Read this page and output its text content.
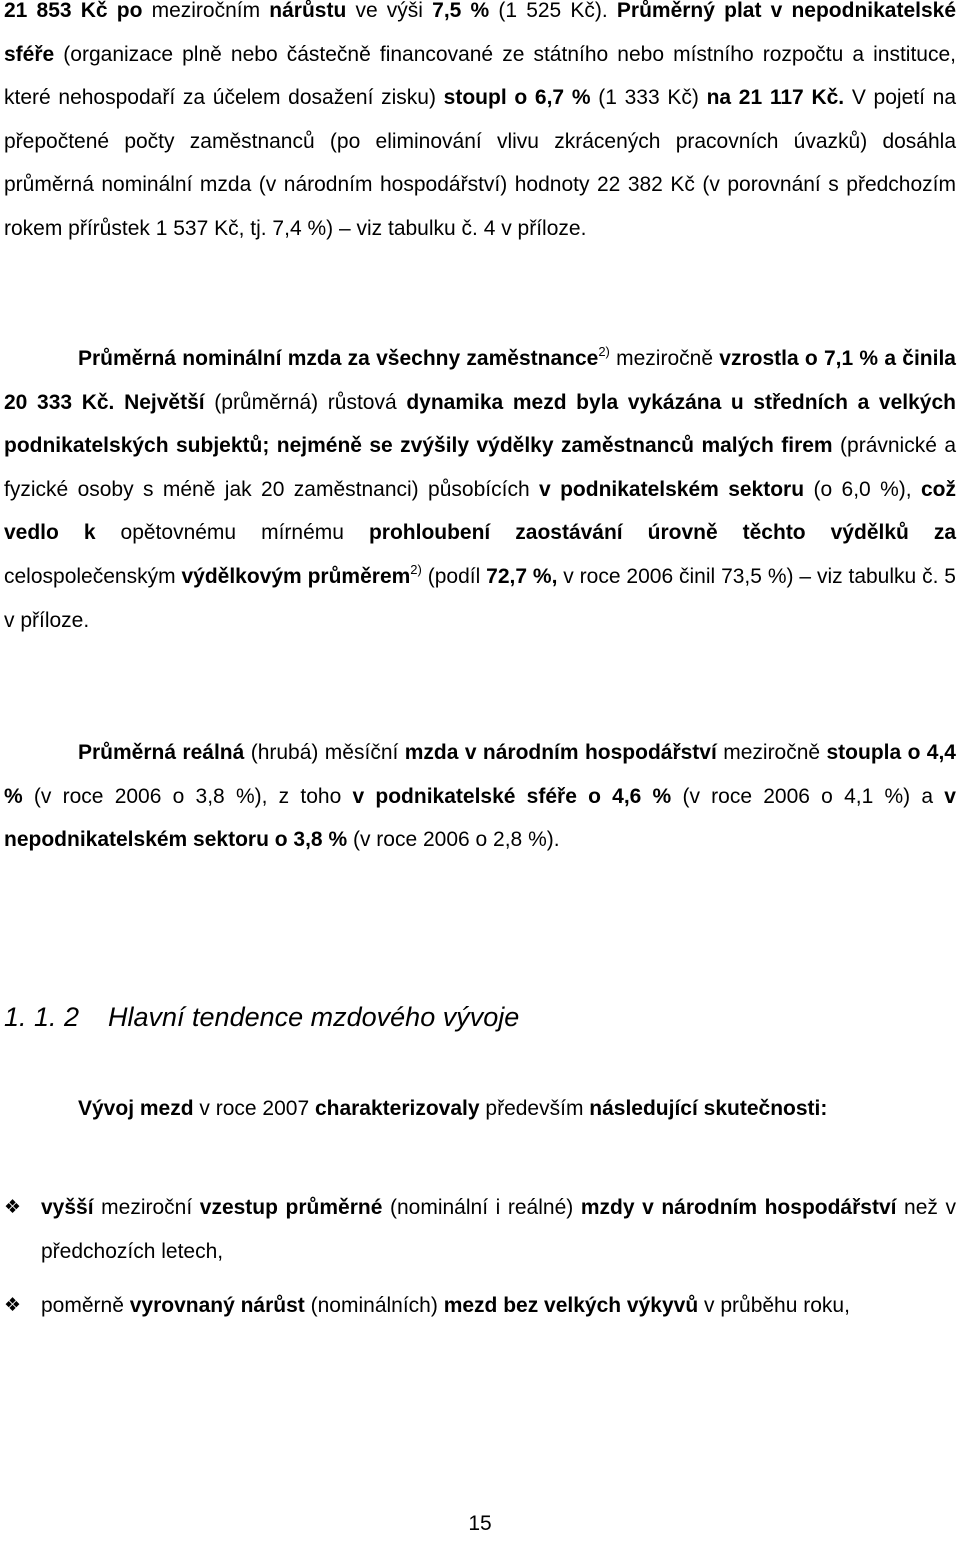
21 853 Kč po meziročním nárůstu ve výši 7,5 % (1 525 Kč). Průměrný plat v nepodnikatelské sféře (organizace plně nebo částečně financované ze státního nebo místního rozpočtu a instituce, které nehospodaří za účelem dosažení zisku) stoupl o 6,7 % (1 333 Kč) na 21 117 Kč. V pojetí na přepočtené počty zaměstnanců (po eliminování vlivu zkrácených pracovních úvazků) dosáhla průměrná nominální mzda (v národním hospodářství) hodnoty 22 382 Kč (v porovnání s předchozím rokem přírůstek 1 537 Kč, tj. 7,4 %) – viz tabulku č. 4 v příloze.

Průměrná nominální mzda za všechny zaměstnance$^{2)}$ meziročně vzrostla o 7,1 % a činila 20 333 Kč. Největší (průměrná) růstová dynamika mezd byla vykázána u středních a velkých podnikatelských subjektů; nejméně se zvýšily výdělky zaměstnanců malých firem (právnické a fyzické osoby s méně jak 20 zaměstnanci) působících v podnikatelském sektoru (o 6,0 %), což vedlo k opětovnému mírnému prohloubení zaostávání úrovně těchto výdělků za celospolečenským výdělkovým průměrem$^{2)}$ (podíl 72,7 %, v roce 2006 činil 73,5 %) – viz tabulku č. 5 v příloze.

Průměrná reálná (hrubá) měsíční mzda v národním hospodářství meziročně stoupla o 4,4 % (v roce 2006 o 3,8 %), z toho v podnikatelské sféře o 4,6 % (v roce 2006 o 4,1 %) a v nepodnikatelském sektoru o 3,8 % (v roce 2006 o 2,8 %).

1. 1. 2 Hlavní tendence mzdového vývoje

Vývoj mezd v roce 2007 charakterizovaly především následující skutečnosti:

❖ vyšší meziroční vzestup průměrné (nominální i reálné) mzdy v národním hospodářství než v předchozích letech,
❖ poměrně vyrovnaný nárůst (nominálních) mezd bez velkých výkyvů v průběhu roku,
15
